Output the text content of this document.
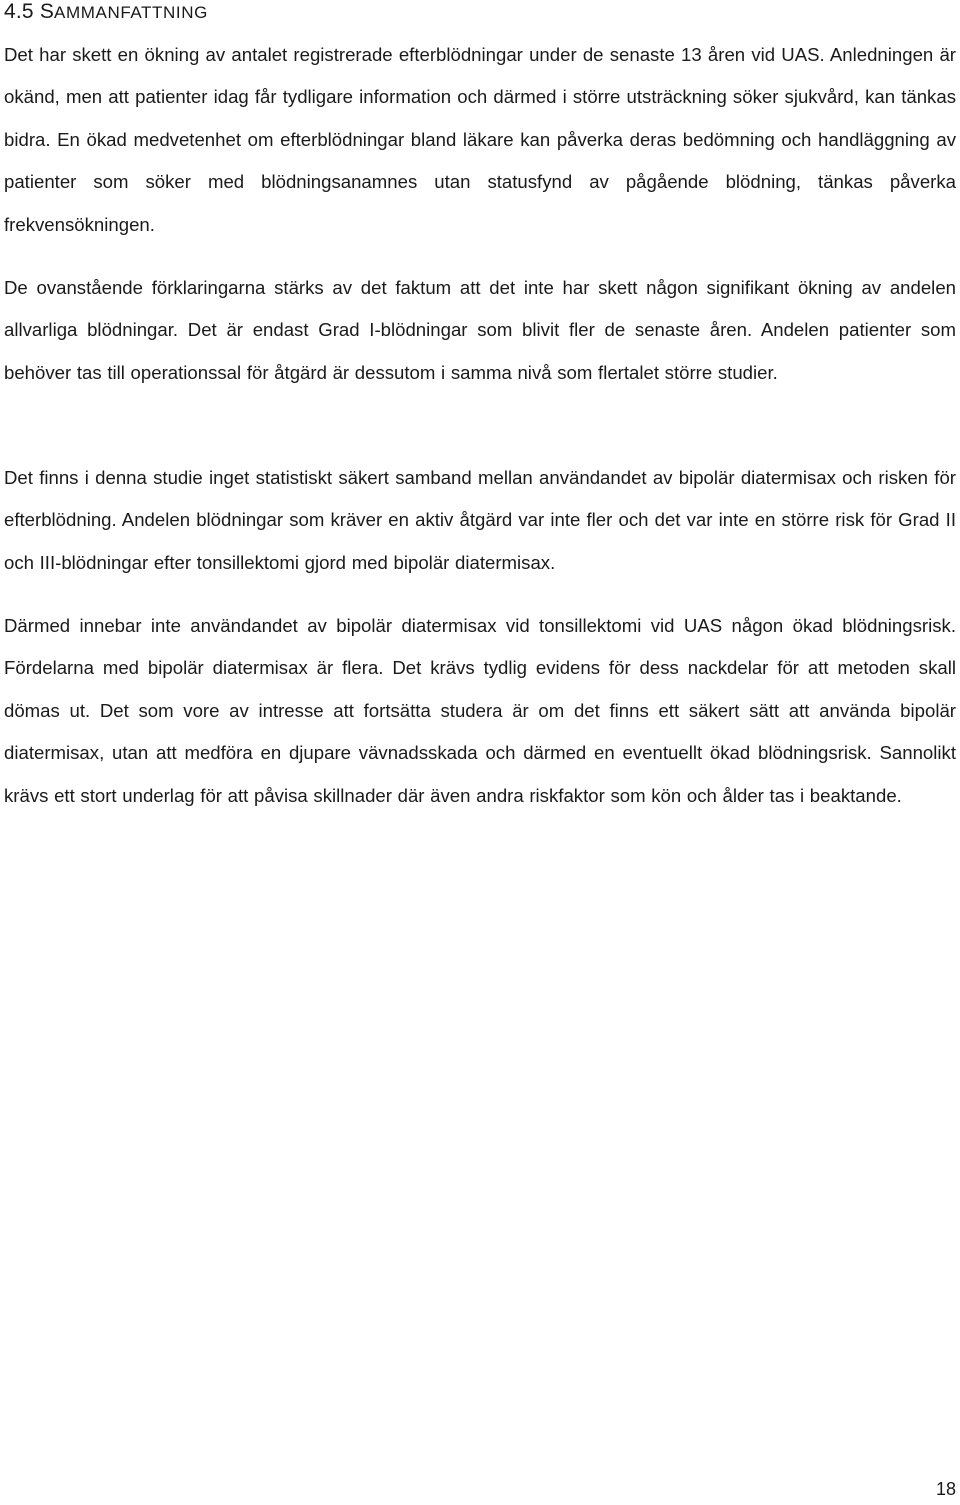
4.5 SAMMANFATTNING

Det har skett en ökning av antalet registrerade efterblödningar under de senaste 13 åren vid UAS. Anledningen är okänd, men att patienter idag får tydligare information och därmed i större utsträckning söker sjukvård, kan tänkas bidra. En ökad medvetenhet om efterblödningar bland läkare kan påverka deras bedömning och handläggning av patienter som söker med blödningsanamnes utan statusfynd av pågående blödning, tänkas påverka frekvensökningen.

De ovanstående förklaringarna stärks av det faktum att det inte har skett någon signifikant ökning av andelen allvarliga blödningar. Det är endast Grad I-blödningar som blivit fler de senaste åren. Andelen patienter som behöver tas till operationssal för åtgärd är dessutom i samma nivå som flertalet större studier.

Det finns i denna studie inget statistiskt säkert samband mellan användandet av bipolär diatermisax och risken för efterblödning. Andelen blödningar som kräver en aktiv åtgärd var inte fler och det var inte en större risk för Grad II och III-blödningar efter tonsillektomi gjord med bipolär diatermisax.

Därmed innebar inte användandet av bipolär diatermisax vid tonsillektomi vid UAS någon ökad blödningsrisk. Fördelarna med bipolär diatermisax är flera. Det krävs tydlig evidens för dess nackdelar för att metoden skall dömas ut. Det som vore av intresse att fortsätta studera är om det finns ett säkert sätt att använda bipolär diatermisax, utan att medföra en djupare vävnadsskada och därmed en eventuellt ökad blödningsrisk. Sannolikt krävs ett stort underlag för att påvisa skillnader där även andra riskfaktor som kön och ålder tas i beaktande.

18
